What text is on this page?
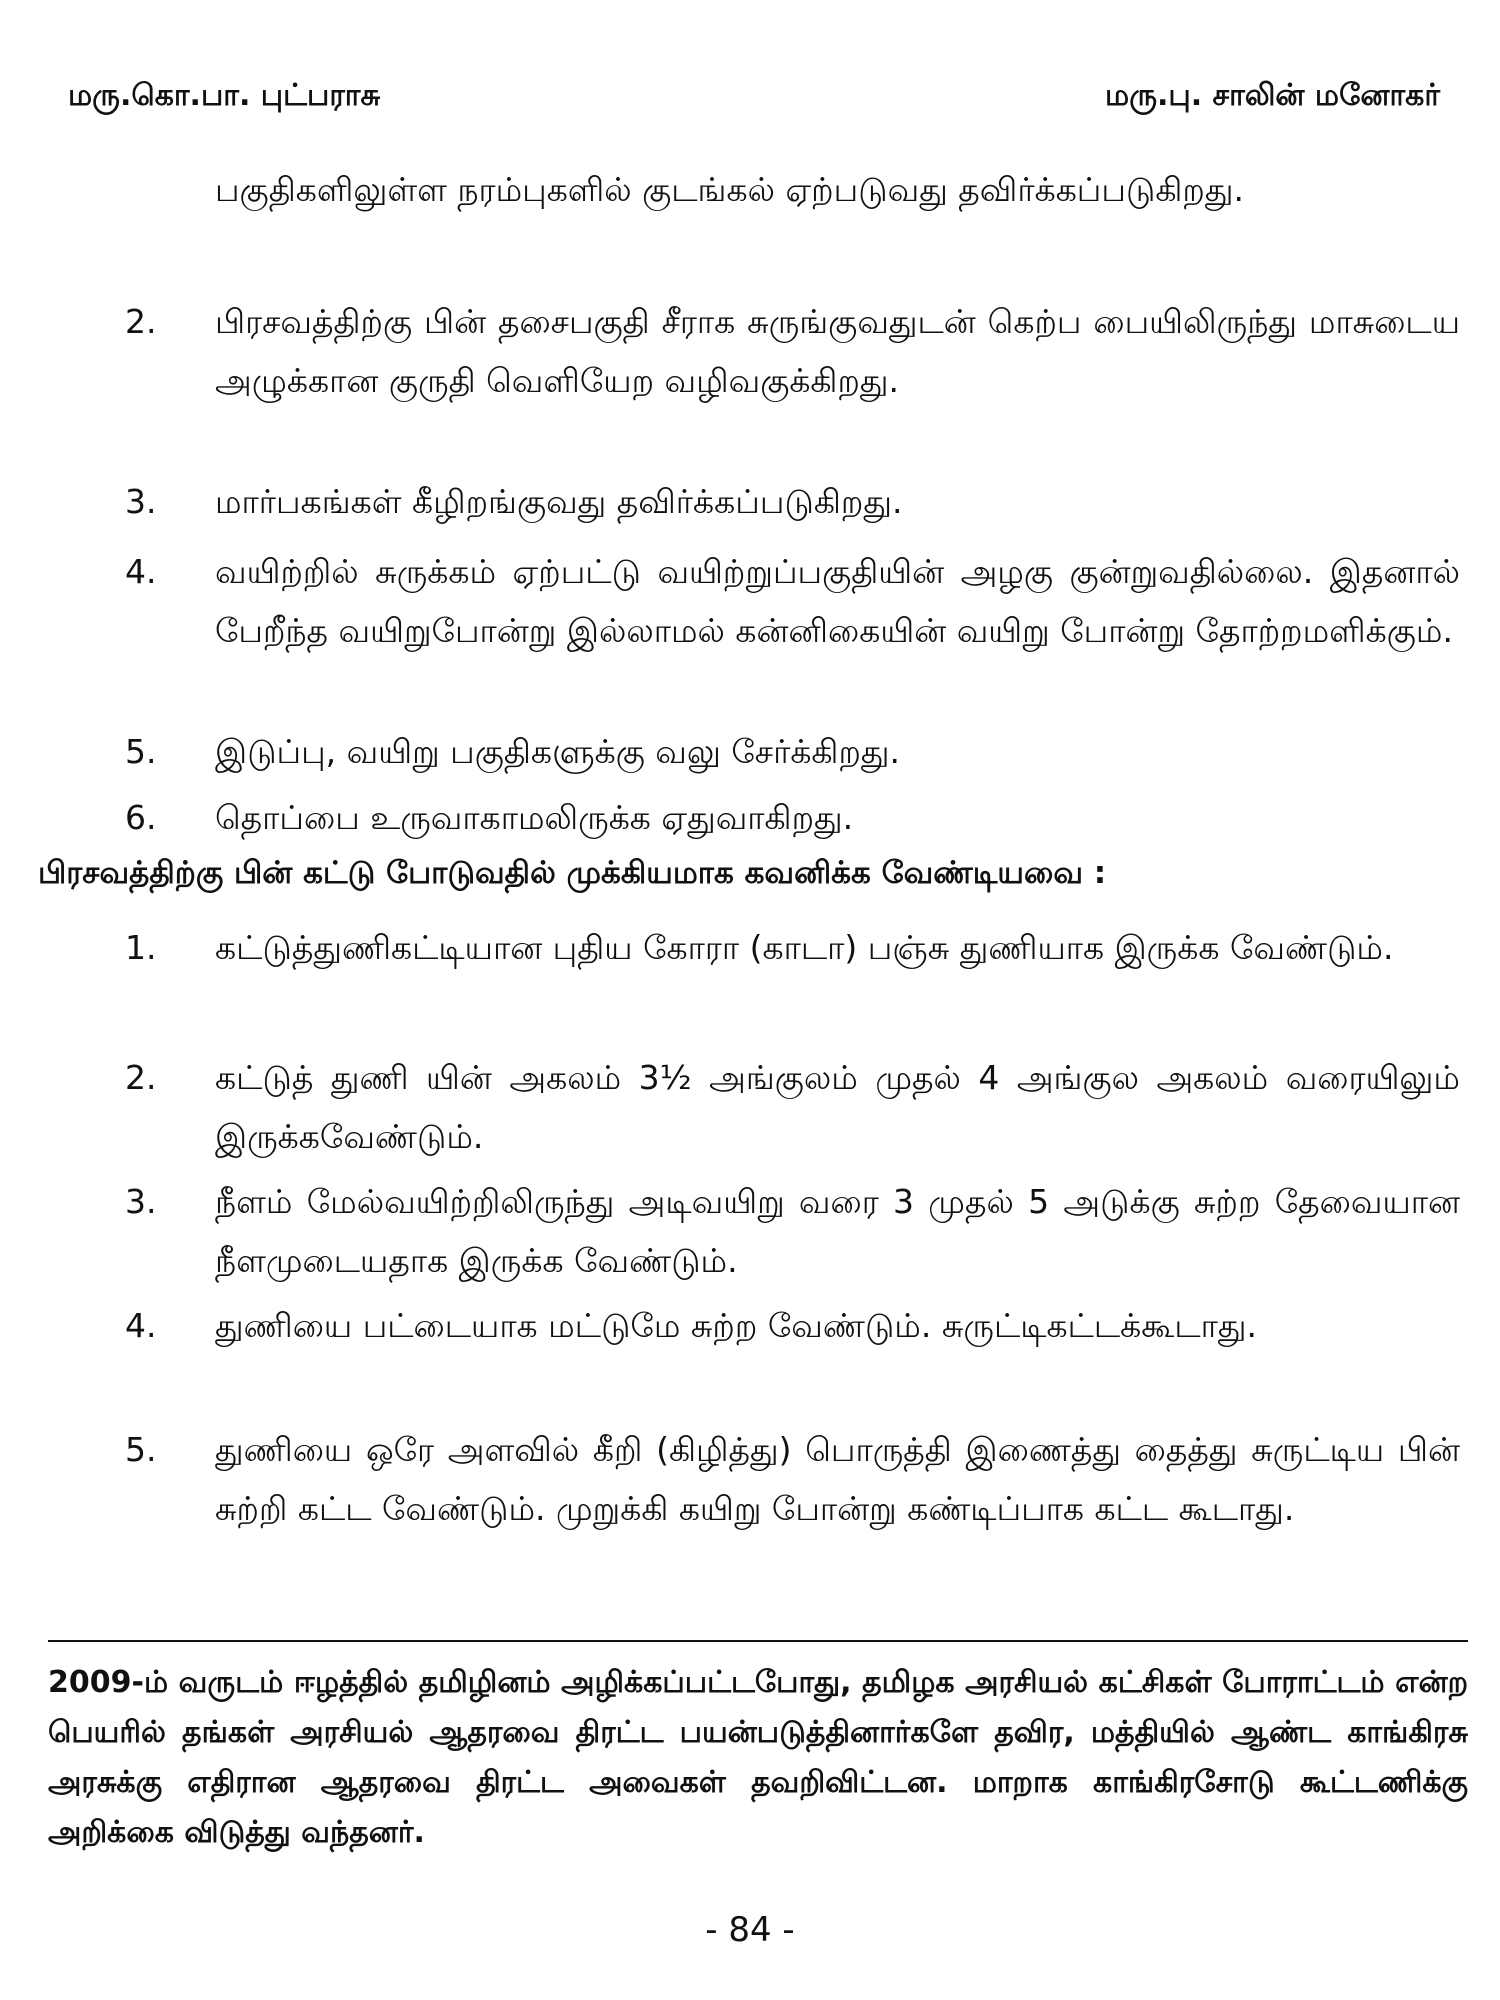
மரு.கொ.பா. புட்பராசு	மரு.பு. சாலின் மனோகர்
பகுதிகளிலுள்ள நரம்புகளில் குடங்கல் ஏற்படுவது தவிர்க்கப்படுகிறது.
2.	பிரசவத்திற்கு பின் தசைபகுதி சீராக சுருங்குவதுடன் கெற்ப பையிலிருந்து மாசுடைய அழுக்கான குருதி வெளியேற வழிவகுக்கிறது.
3.	மார்பகங்கள் கீழிறங்குவது தவிர்க்கப்படுகிறது.
4.	வயிற்றில் சுருக்கம் ஏற்பட்டு வயிற்றுப்பகுதியின் அழகு குன்றுவதில்லை. இதனால் பேறீந்த வயிறுபோன்று இல்லாமல் கன்னிகையின் வயிறு போன்று தோற்றமளிக்கும்.
5.	இடுப்பு, வயிறு பகுதிகளுக்கு வலு சேர்க்கிறது.
6.	தொப்பை உருவாகாமலிருக்க ஏதுவாகிறது.
பிரசவத்திற்கு பின் கட்டு போடுவதில் முக்கியமாக கவனிக்க வேண்டியவை :
1.	கட்டுத்துணிகட்டியான புதிய கோரா (காடா) பஞ்சு துணியாக இருக்க வேண்டும்.
2.	கட்டுத் துணி யின் அகலம் 3½ அங்குலம் முதல் 4 அங்குல அகலம் வரையிலும் இருக்கவேண்டும்.
3.	நீளம் மேல்வயிற்றிலிருந்து அடிவயிறு வரை 3 முதல் 5 அடுக்கு சுற்ற தேவையான நீளமுடையதாக இருக்க வேண்டும்.
4.	துணியை பட்டையாக மட்டுமே சுற்ற வேண்டும். சுருட்டிகட்டக்கூடாது.
5.	துணியை ஒரே அளவில் கீறி (கிழித்து) பொருத்தி இணைத்து தைத்து சுருட்டிய பின் சுற்றி கட்ட வேண்டும். முறுக்கி கயிறு போன்று கண்டிப்பாக கட்ட கூடாது.
2009-ம் வருடம் ஈழத்தில் தமிழினம் அழிக்கப்பட்டபோது, தமிழக அரசியல் கட்சிகள் போராட்டம் என்ற பெயரில் தங்கள் அரசியல் ஆதரவை திரட்ட பயன்படுத்தினார்களே தவிர, மத்தியில் ஆண்ட காங்கிரசு அரசுக்கு எதிரான ஆதரவை திரட்ட அவைகள் தவறிவிட்டன. மாறாக காங்கிரசோடு கூட்டணிக்கு அறிக்கை விடுத்து வந்தனர்.
- 84 -
